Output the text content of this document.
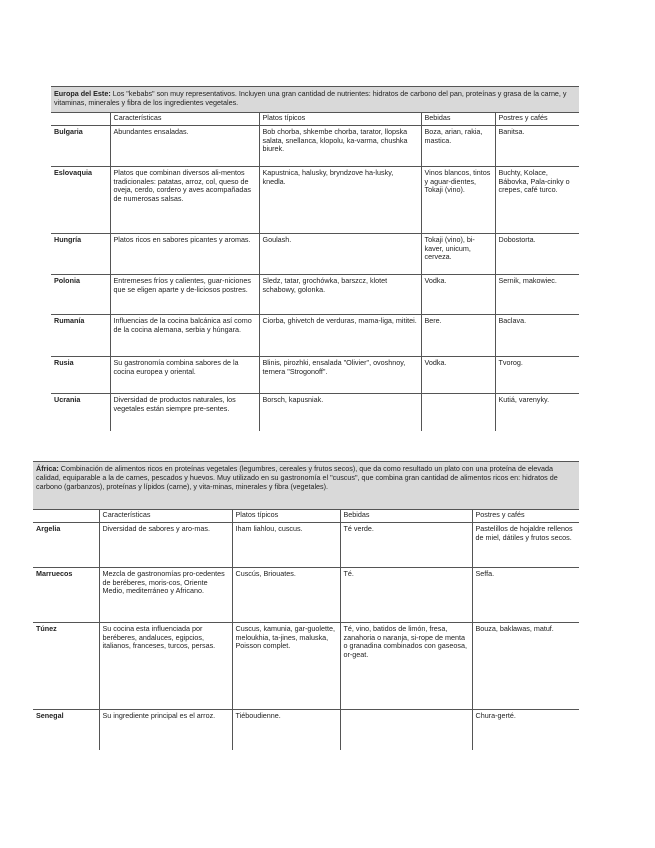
Europa del Este: Los "kebabs" son muy representativos. Incluyen una gran cantidad de nutrientes: hidratos de carbono del pan, proteínas y grasa de la carne, y vitaminas, minerales y fibra de los ingredientes vegetales.
	Características	Platos típicos	Bebidas	Postres y cafés
Bulgaria	Abundantes ensaladas.	Bob chorba, shkembe chorba, tarator, llopska salata, snellanca, klopolu, ka-varma, chushka biurek.	Boza, arian, rakia, mastica.	Banitsa.
Eslovaquia	Platos que combinan diversos ali-mentos tradicionales: patatas, arroz, col, queso de oveja, cerdo, cordero y aves acompañadas de numerosas salsas.	Kapustnica, halusky, bryndzove ha-lusky, knedla.	Vinos blancos, tintos y aguar-dientes, Tokaji (vino).	Buchty, Kolace, Bábovka, Pala-cinky o crepes, café turco.
Hungría	Platos ricos en sabores picantes y aromas.	Goulash.	Tokaji (vino), bi-kaver, unicum, cerveza.	Dobostorta.
Polonia	Entremeses fríos y calientes, guar-niciones que se eligen aparte y de-liciosos postres.	Sledz, tatar, grochówka, barszcz, klotet schabowy, golonka.	Vodka.	Sernik, makowiec.
Rumanía	Influencias de la cocina balcánica así como de la cocina alemana, serbia y húngara.	Ciorba, ghivetch de verduras, mama-liga, mititei.	Bere.	Baclava.
Rusia	Su gastronomía combina sabores de la cocina europea y oriental.	Blinis, pirozhki, ensalada "Olivier", ovoshnoy, ternera "Strogonoff".	Vodka.	Tvorog.
Ucrania	Diversidad de productos naturales, los vegetales están siempre pre-sentes.	Borsch, kapusniak.		Kutiá, varenyky.
África: Combinación de alimentos ricos en proteínas vegetales (legumbres, cereales y frutos secos), que da como resultado un plato con una proteína de elevada calidad, equiparable a la de carnes, pescados y huevos. Muy utilizado en su gastronomía el "cuscus", que combina gran cantidad de alimentos ricos en: hidratos de carbono (garbanzos), proteínas y lípidos (carne), y vita-minas, minerales y fibra (vegetales).
	Características	Platos típicos	Bebidas	Postres y cafés
Argelia	Diversidad de sabores y aro-mas.	Iham liahlou, cuscus.	Té verde.	Pastelillos de hojaldre rellenos de miel, dátiles y frutos secos.
Marruecos	Mezcla de gastronomías pro-cedentes de beréberes, moris-cos, Oriente Medio, mediterráneo y Africano.	Cuscús, Briouates.	Té.	Seffa.
Túnez	Su cocina esta influenciada por beréberes, andaluces, egipcios, italianos, franceses, turcos, persas.	Cuscus, kamunia, gar-guolette, meloukhia, ta-jines, maluska, Poisson complet.	Té, vino, batidos de limón, fresa, zanahoria o naranja, si-rope de menta o granadina combinados con gaseosa, or-geat.	Bouza, baklawas, matuf.
Senegal	Su ingrediente principal es el arroz.	Tiéboudienne.		Chura-gerté.
